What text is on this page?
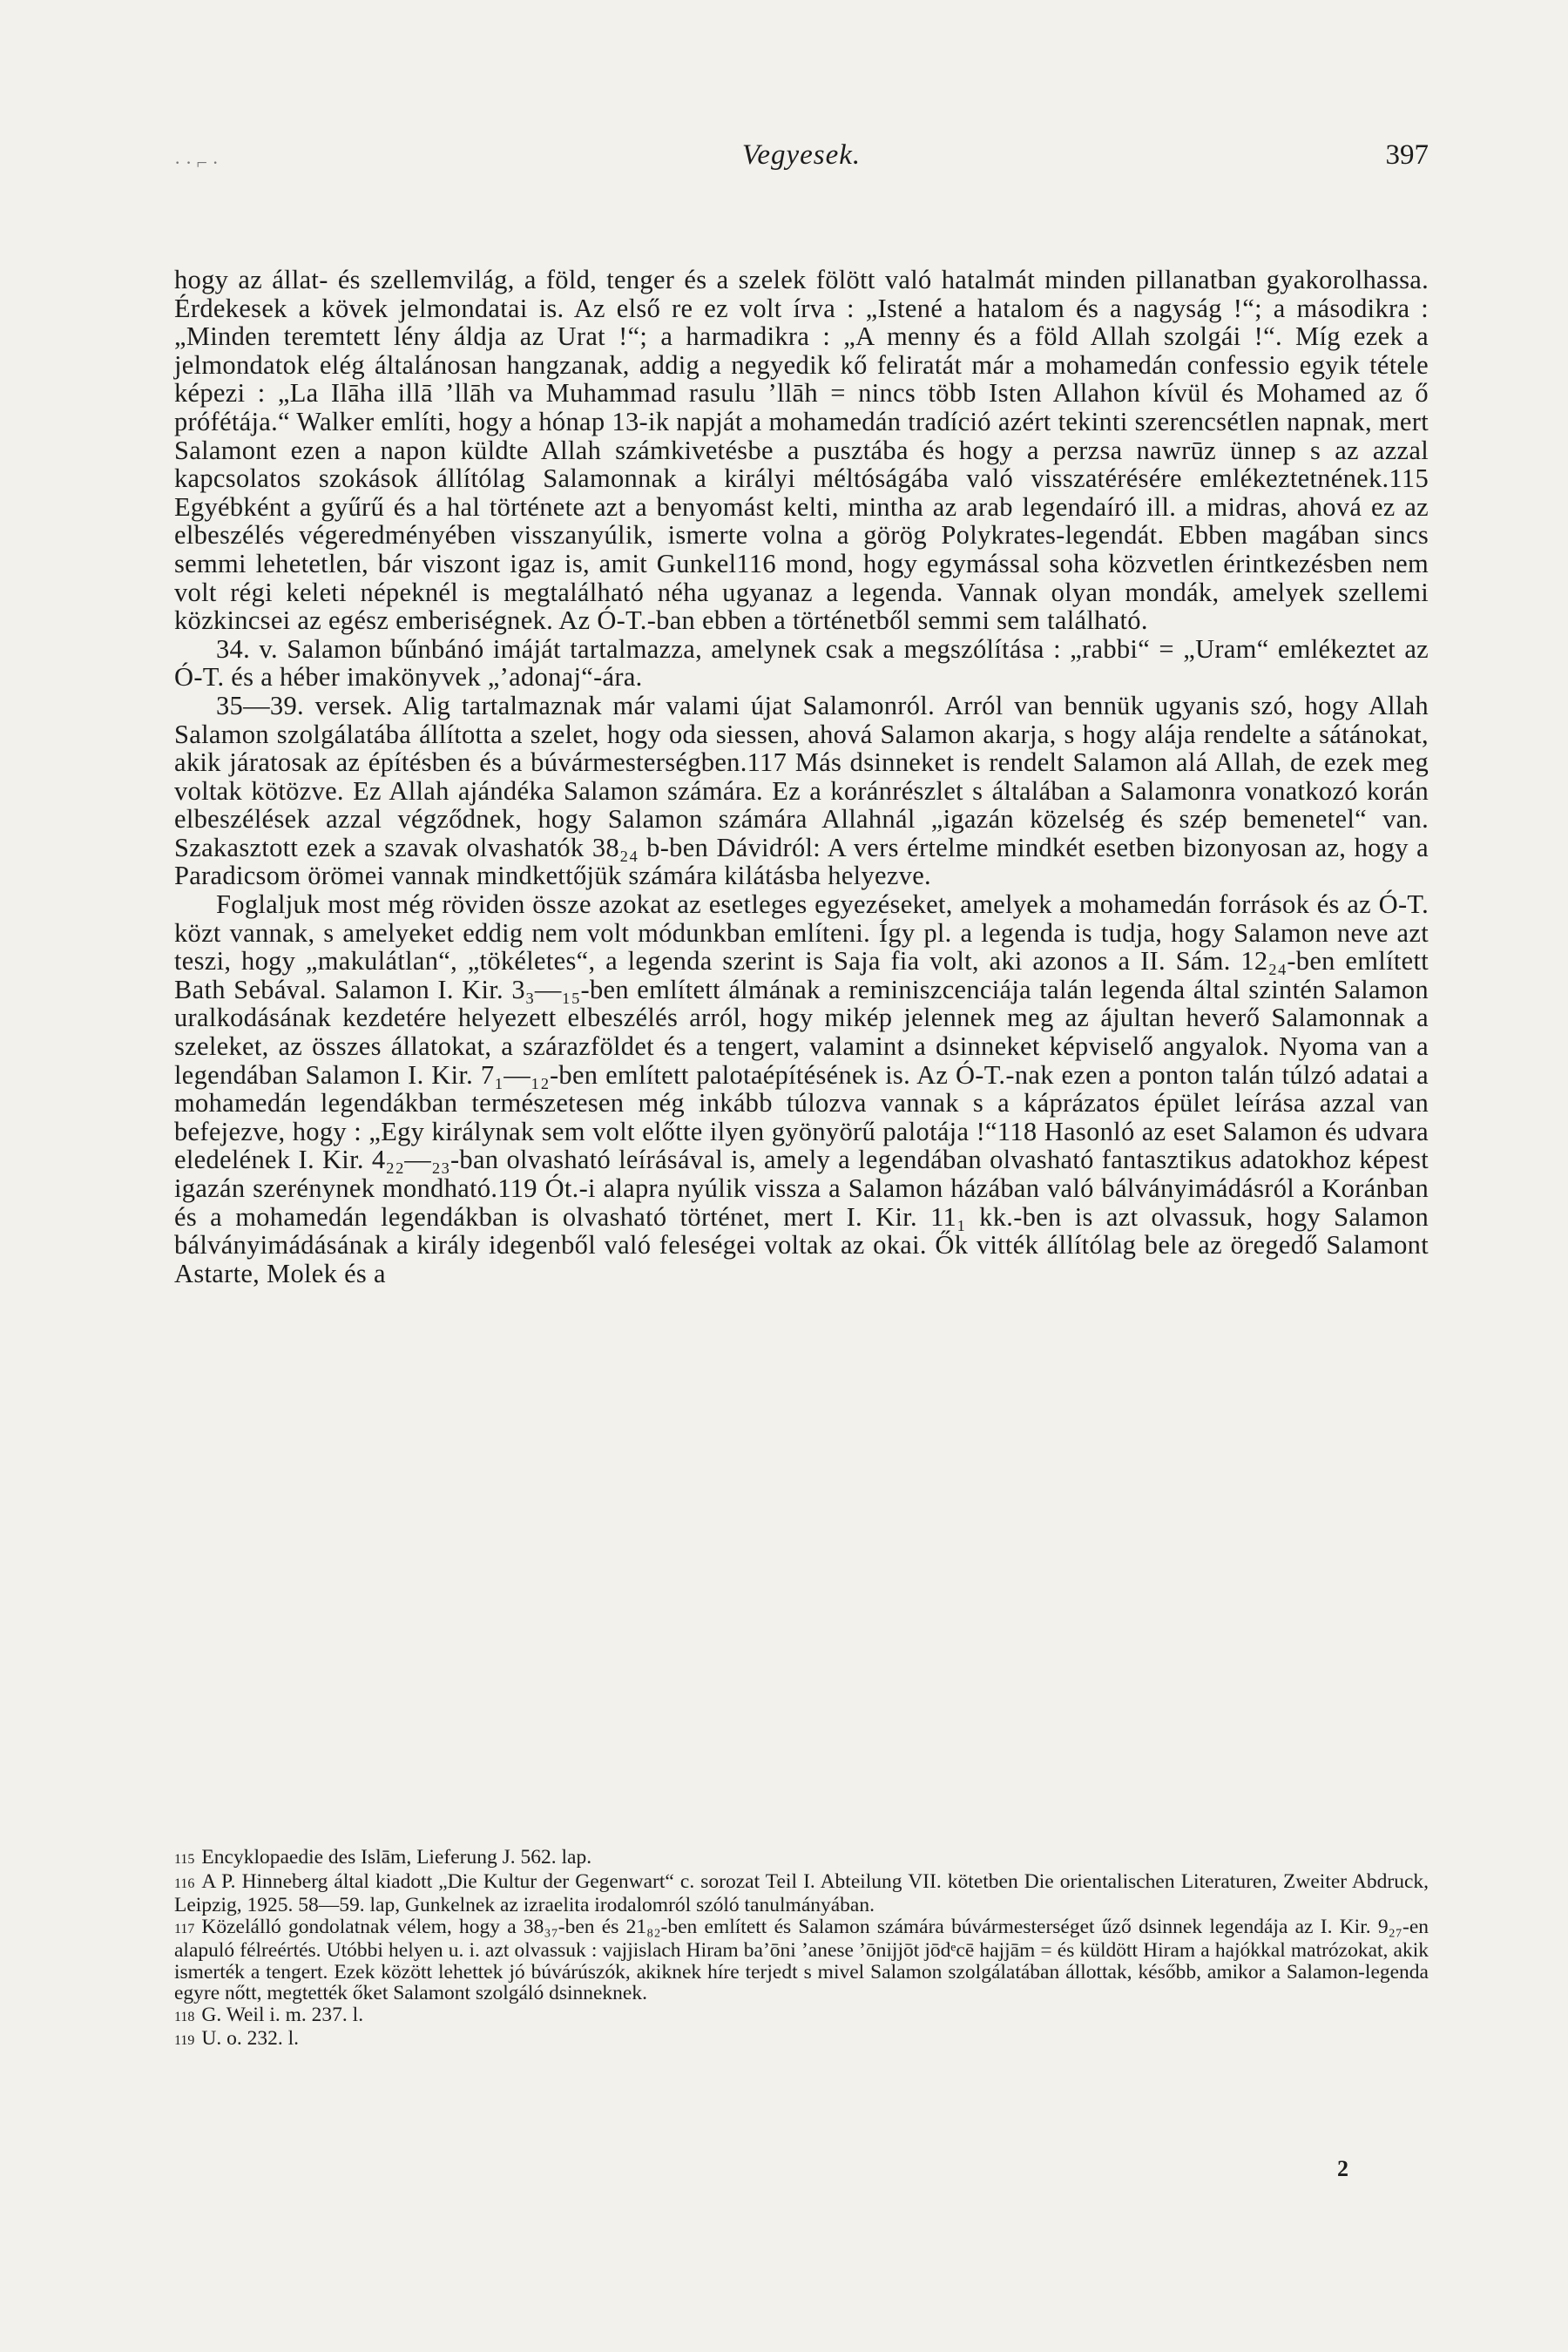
· · ⌐ ·	Vegyesek.	397

hogy az állat- és szellemvilág, a föld, tenger és a szelek fölött való hatalmát minden pillanatban gyakorolhassa. Érdekesek a kövek jelmondatai is. Az első re ez volt írva : „Istené a hatalom és a nagyság !“; a másodikra : „Minden teremtett lény áldja az Urat !“; a harmadikra : „A menny és a föld Allah szolgái !“. Míg ezek a jelmondatok elég általánosan hangzanak, addig a negyedik kő feliratát már a mohamedán confessio egyik tétele képezi : „La Ilāha illā ’llāh va Muhammad rasulu ’llāh = nincs több Isten Allahon kívül és Mohamed az ő prófétája.“ Walker említi, hogy a hónap 13-ik napját a mohamedán tradíció azért tekinti szerencsétlen napnak, mert Salamont ezen a napon küldte Allah számkivetésbe a pusztába és hogy a perzsa nawrūz ünnep s az azzal kapcsolatos szokások állítólag Salamonnak a királyi méltóságába való visszatérésére emlékeztetnének.115 Egyébként a gyűrű és a hal története azt a benyomást kelti, mintha az arab legendaíró ill. a midras, ahová ez az elbeszélés végeredményében visszanyúlik, ismerte volna a görög Polykrates-legendát. Ebben magában sincs semmi lehetetlen, bár viszont igaz is, amit Gunkel116 mond, hogy egymással soha közvetlen érintkezésben nem volt régi keleti népeknél is megtalálható néha ugyanaz a legenda. Vannak olyan mondák, amelyek szellemi közkincsei az egész emberiségnek. Az Ó-T.-ban ebben a történetből semmi sem található.

34. v. Salamon bűnbánó imáját tartalmazza, amelynek csak a megszólítása : „rabbi“ = „Uram“ emlékeztet az Ó-T. és a héber imakönyvek „’adonaj“-ára.

35—39. versek. Alig tartalmaznak már valami újat Salamonról. Arról van bennük ugyanis szó, hogy Allah Salamon szolgálatába állította a szelet, hogy oda siessen, ahová Salamon akarja, s hogy alája rendelte a sátánokat, akik járatosak az építésben és a búvármesterségben.117 Más dsinneket is rendelt Salamon alá Allah, de ezek meg voltak kötözve. Ez Allah ajándéka Salamon számára. Ez a koránrészlet s általában a Salamonra vonatkozó korán elbeszélések azzal végződnek, hogy Salamon számára Allahnál „igazán közelség és szép bemenetel“ van. Szakasztott ezek a szavak olvashatók 38₂₄ b-ben Dávidról: A vers értelme mindkét esetben bizonyosan az, hogy a Paradicsom örömei vannak mindkettőjük számára kilátásba helyezve.

Foglaljuk most még röviden össze azokat az esetleges egyezéseket, amelyek a mohamedán források és az Ó-T. közt vannak, s amelyeket eddig nem volt módunkban említeni. Így pl. a legenda is tudja, hogy Salamon neve azt teszi, hogy „makulátlan“, „tökéletes“, a legenda szerint is Saja fia volt, aki azonos a II. Sám. 12₂₄-ben említett Bath Sebával. Salamon I. Kir. 3₃—₁₅-ben említett álmának a reminiszcenciája talán legenda által szintén Salamon uralkodásának kezdetére helyezett elbeszélés arról, hogy mikép jelennek meg az ájultan heverő Salamonnak a szeleket, az összes állatokat, a szárazföldet és a tengert, valamint a dsinneket képviselő angyalok. Nyoma van a legendában Salamon I. Kir. 7₁—₁₂-ben említett palotaépítésének is. Az Ó-T.-nak ezen a ponton talán túlzó adatai a mohamedán legendákban természetesen még inkább túlozva vannak s a káprázatos épület leírása azzal van befejezve, hogy : „Egy királynak sem volt előtte ilyen gyönyörű palotája !“118 Hasonló az eset Salamon és udvara eledelének I. Kir. 4₂₂—₂₃-ban olvasható leírásával is, amely a legendában olvasható fantasztikus adatokhoz képest igazán szerénynek mondható.119 Ót.-i alapra nyúlik vissza a Salamon házában való bálványimádásról a Koránban és a mohamedán legendákban is olvasható történet, mert I. Kir. 11₁ kk.-ben is azt olvassuk, hogy Salamon bálványimádásának a király idegenből való feleségei voltak az okai. Ők vitték állítólag bele az öregedő Salamont Astarte, Molek és a

115 Encyklopaedie des Islām, Lieferung J. 562. lap.

116 A P. Hinneberg által kiadott „Die Kultur der Gegenwart“ c. sorozat Teil I. Abteilung VII. kötetben Die orientalischen Literaturen, Zweiter Abdruck, Leipzig, 1925. 58—59. lap, Gunkelnek az izraelita irodalomról szóló tanulmányában.

117 Közelálló gondolatnak vélem, hogy a 38₃₇-ben és 21₈₂-ben említett és Salamon számára búvármesterséget űző dsinnek legendája az I. Kir. 9₂₇-en alapuló félreértés. Utóbbi helyen u. i. azt olvassuk : vajjislach Hiram ba’ōni ’anese ’ōnijjōt jōdᵉcē hajjām = és küldött Hiram a hajókkal matrózokat, akik ismerték a tengert. Ezek között lehettek jó búvárúszók, akiknek híre terjedt s mivel Salamon szolgálatában állottak, később, amikor a Salamon-legenda egyre nőtt, megtették őket Salamont szolgáló dsinneknek.

118 G. Weil i. m. 237. l.

119 U. o. 232. l.

2
